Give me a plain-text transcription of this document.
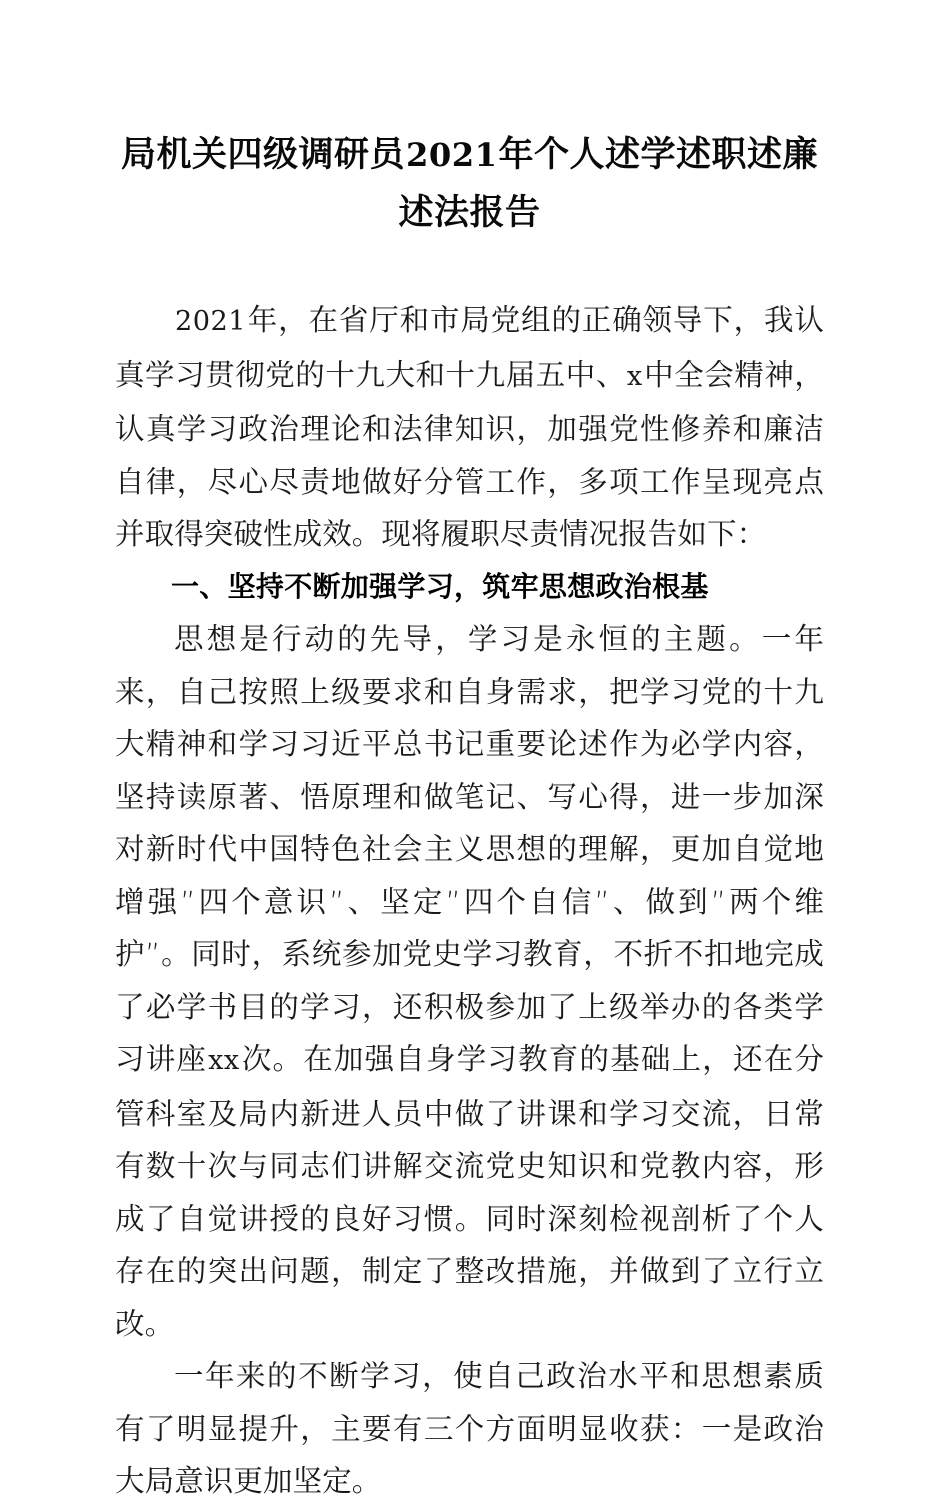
局机关四级调研员2021年个人述学述职述廉
述法报告

2021年，在省厅和市局党组的正确领导下，我认真学习贯彻党的十九大和十九届五中、x中全会精神，认真学习政治理论和法律知识，加强党性修养和廉洁自律，尽心尽责地做好分管工作，多项工作呈现亮点并取得突破性成效。现将履职尽责情况报告如下：

一、坚持不断加强学习，筑牢思想政治根基

思想是行动的先导，学习是永恒的主题。一年来，自己按照上级要求和自身需求，把学习党的十九大精神和学习习近平总书记重要论述作为必学内容，坚持读原著、悟原理和做笔记、写心得，进一步加深对新时代中国特色社会主义思想的理解，更加自觉地增强”四个意识”、坚定”四个自信”、做到”两个维护”。同时，系统参加党史学习教育，不折不扣地完成了必学书目的学习，还积极参加了上级举办的各类学习讲座xx次。在加强自身学习教育的基础上，还在分管科室及局内新进人员中做了讲课和学习交流，日常有数十次与同志们讲解交流党史知识和党教内容，形成了自觉讲授的良好习惯。同时深刻检视剖析了个人存在的突出问题，制定了整改措施，并做到了立行立改。

一年来的不断学习，使自己政治水平和思想素质有了明显提升，主要有三个方面明显收获：一是政治大局意识更加坚定。
